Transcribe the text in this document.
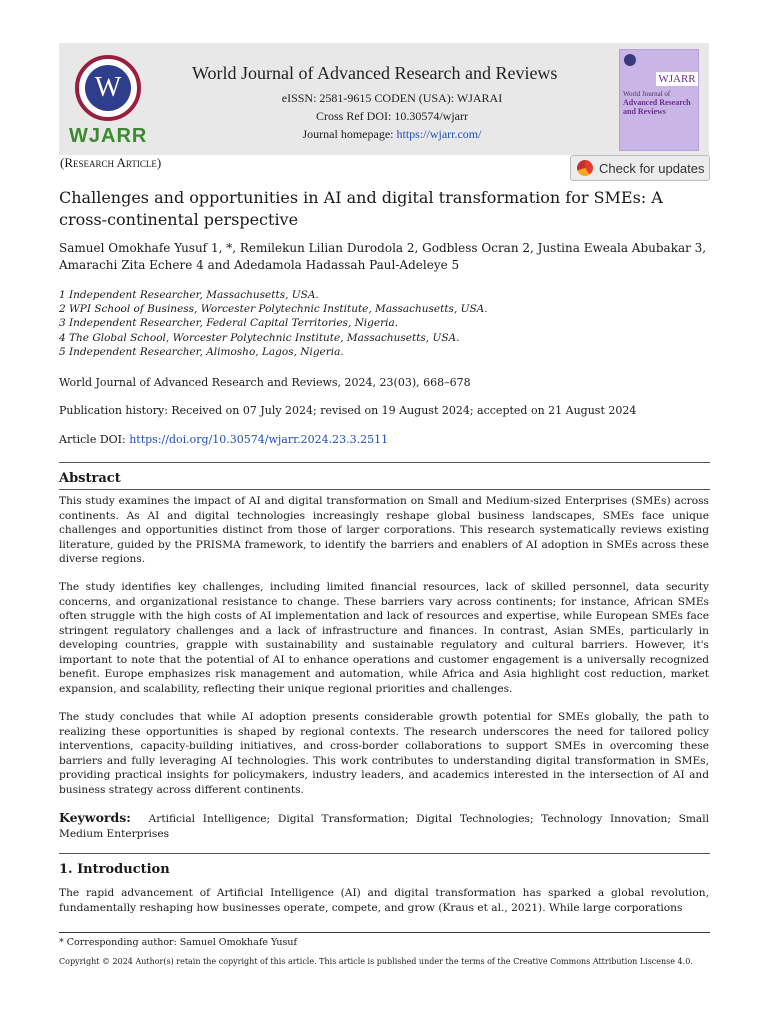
W
WJARR
World Journal of Advanced Research and Reviews
eISSN: 2581-9615 CODEN (USA): WJARAI
Cross Ref DOI: 10.30574/wjarr
Journal homepage: https://wjarr.com/
WJARR
World Journal of
Advanced Research and Reviews
(Research Article)	Check for updates
Challenges and opportunities in AI and digital transformation for SMEs: A cross-continental perspective
Samuel Omokhafe Yusuf 1, *, Remilekun Lilian Durodola 2, Godbless Ocran 2, Justina Eweala Abubakar 3, Amarachi Zita Echere 4 and Adedamola Hadassah Paul-Adeleye 5
1 Independent Researcher, Massachusetts, USA.
2 WPI School of Business, Worcester Polytechnic Institute, Massachusetts, USA.
3 Independent Researcher, Federal Capital Territories, Nigeria.
4 The Global School, Worcester Polytechnic Institute, Massachusetts, USA.
5 Independent Researcher, Alimosho, Lagos, Nigeria.
World Journal of Advanced Research and Reviews, 2024, 23(03), 668–678
Publication history: Received on 07 July 2024; revised on 19 August 2024; accepted on 21 August 2024
Article DOI: https://doi.org/10.30574/wjarr.2024.23.3.2511
Abstract
This study examines the impact of AI and digital transformation on Small and Medium-sized Enterprises (SMEs) across continents. As AI and digital technologies increasingly reshape global business landscapes, SMEs face unique challenges and opportunities distinct from those of larger corporations. This research systematically reviews existing literature, guided by the PRISMA framework, to identify the barriers and enablers of AI adoption in SMEs across these diverse regions.
The study identifies key challenges, including limited financial resources, lack of skilled personnel, data security concerns, and organizational resistance to change. These barriers vary across continents; for instance, African SMEs often struggle with the high costs of AI implementation and lack of resources and expertise, while European SMEs face stringent regulatory challenges and a lack of infrastructure and finances. In contrast, Asian SMEs, particularly in developing countries, grapple with sustainability and sustainable regulatory and cultural barriers. However, it's important to note that the potential of AI to enhance operations and customer engagement is a universally recognized benefit. Europe emphasizes risk management and automation, while Africa and Asia highlight cost reduction, market expansion, and scalability, reflecting their unique regional priorities and challenges.
The study concludes that while AI adoption presents considerable growth potential for SMEs globally, the path to realizing these opportunities is shaped by regional contexts. The research underscores the need for tailored policy interventions, capacity-building initiatives, and cross-border collaborations to support SMEs in overcoming these barriers and fully leveraging AI technologies. This work contributes to understanding digital transformation in SMEs, providing practical insights for policymakers, industry leaders, and academics interested in the intersection of AI and business strategy across different continents.
Keywords: Artificial Intelligence; Digital Transformation; Digital Technologies; Technology Innovation; Small Medium Enterprises
1. Introduction
The rapid advancement of Artificial Intelligence (AI) and digital transformation has sparked a global revolution, fundamentally reshaping how businesses operate, compete, and grow (Kraus et al., 2021). While large corporations
* Corresponding author: Samuel Omokhafe Yusuf
Copyright © 2024 Author(s) retain the copyright of this article. This article is published under the terms of the Creative Commons Attribution Liscense 4.0.
